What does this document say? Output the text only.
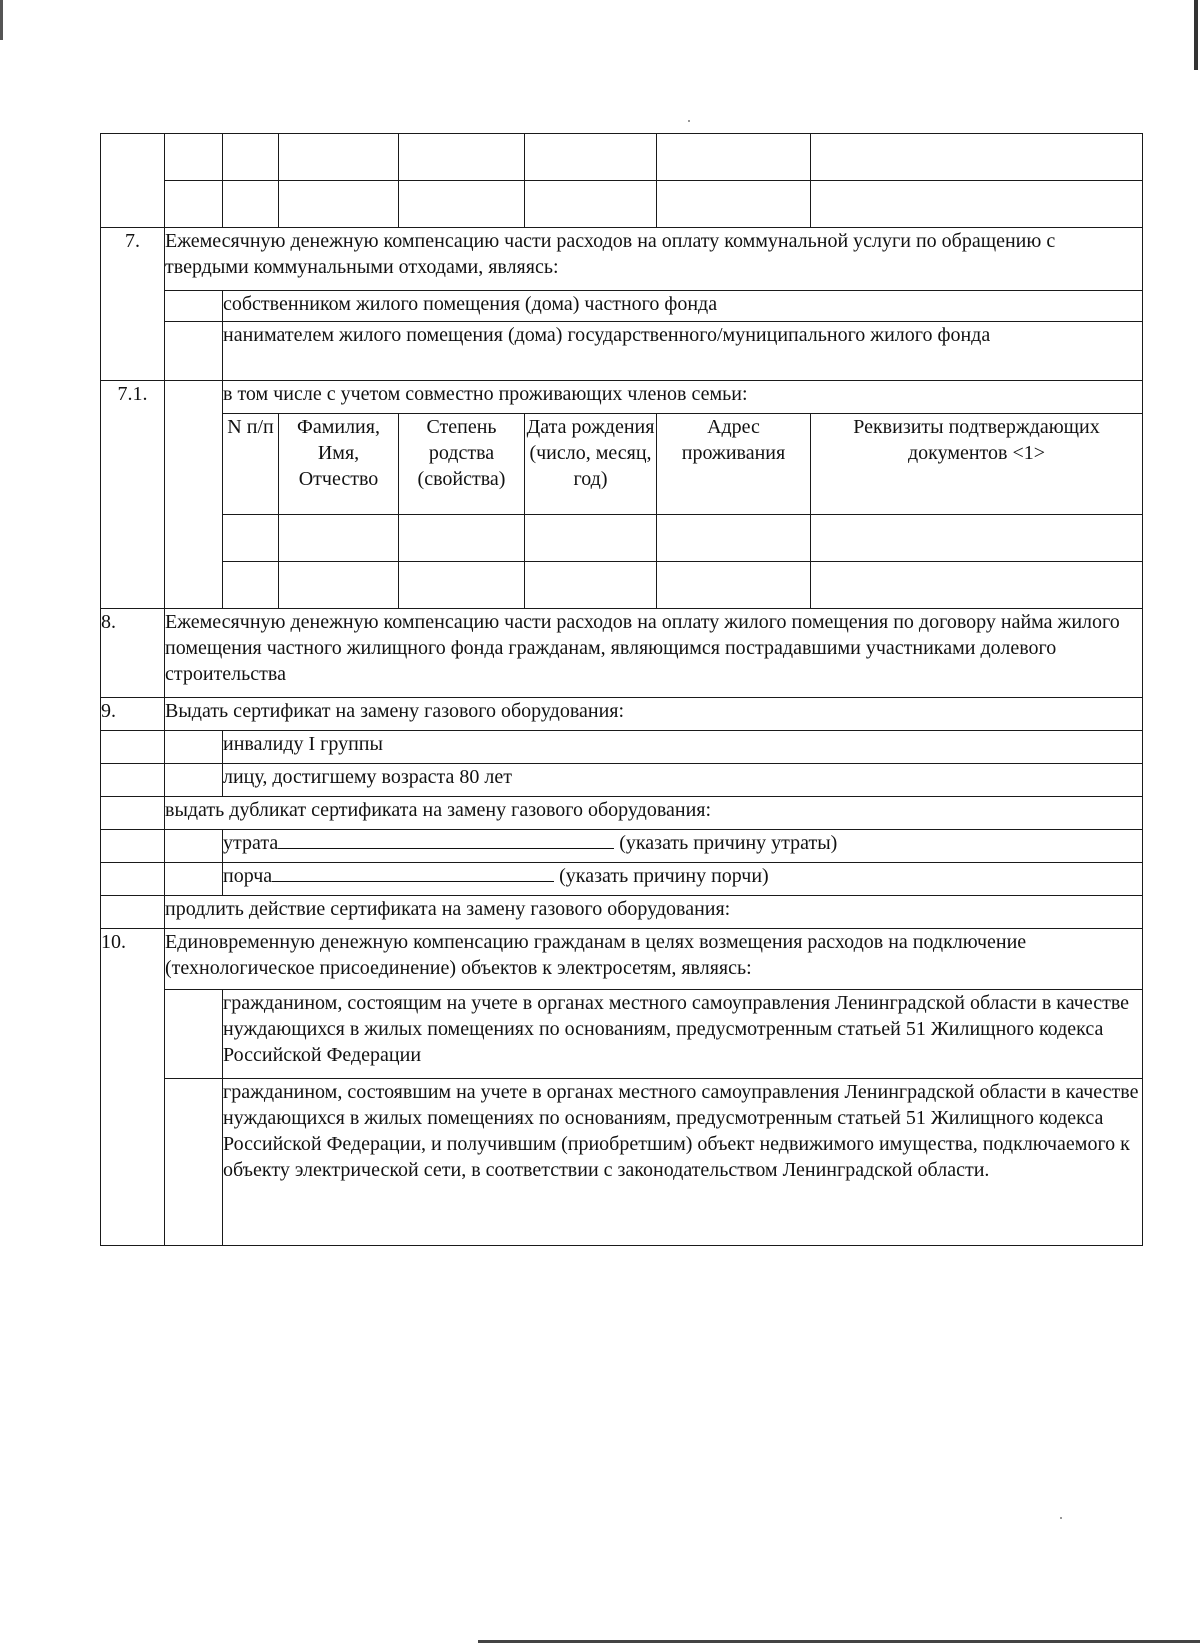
7.	Ежемесячную денежную компенсацию части расходов на оплату коммунальной услуги по обращению с твердыми коммунальными отходами, являясь:						
		собственником жилого помещения (дома) частного фонда					
		нанимателем жилого помещения (дома) государственного/муниципального жилого фонда					
7.1.		в том числе с учетом совместно проживающих членов семьи:					
		N п/п	Фамилия, Имя, Отчество	Степень родства (свойства)	Дата рождения (число, месяц, год)	Адрес проживания	Реквизиты подтверждающих документов <1>

8.	Ежемесячную денежную компенсацию части расходов на оплату жилого помещения по договору найма жилого помещения частного жилищного фонда гражданам, являющимся пострадавшими участниками долевого строительства						
9.	Выдать сертификат на замену газового оборудования:						
		инвалиду I группы					
		лицу, достигшему возраста 80 лет					
	выдать дубликат сертификата на замену газового оборудования:						
		утрата (указать причину утраты)					
		порча (указать причину порчи)					
	продлить действие сертификата на замену газового оборудования:						
10.	Единовременную денежную компенсацию гражданам в целях возмещения расходов на подключение (технологическое присоединение) объектов к электросетям, являясь:						
		гражданином, состоящим на учете в органах местного самоуправления Ленинградской области в качестве нуждающихся в жилых помещениях по основаниям, предусмотренным статьей 51 Жилищного кодекса Российской Федерации					
		гражданином, состоявшим на учете в органах местного самоуправления Ленинградской области в качестве нуждающихся в жилых помещениях по основаниям, предусмотренным статьей 51 Жилищного кодекса Российской Федерации, и получившим (приобретшим) объект недвижимого имущества, подключаемого к объекту электрической сети, в соответствии с законодательством Ленинградской области.					
